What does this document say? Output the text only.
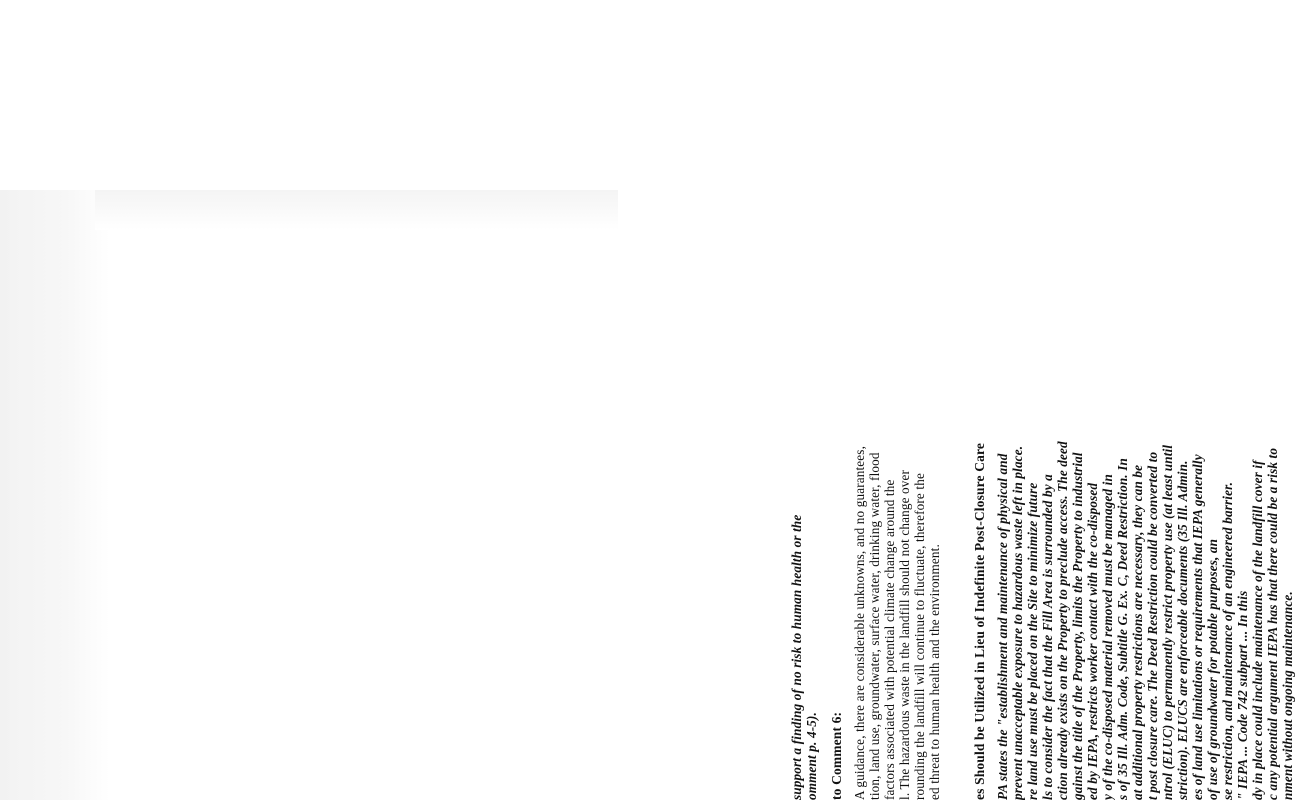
support a finding of no risk to human health or the omment p. 4-5). to Comment 6: A guidance, there are considerable unknowns, and no guarantees, tion, land use, groundwater, surface water, drinking water, flood factors associated with potential climate change around the l. The hazardous waste in the landfill should not change over rounding the landfill will continue to fluctuate, therefore the ed threat to human health and the environment. es Should be Utilized in Lieu of Indefinite Post-Closure Care PA states the "establishment and maintenance of physical and prevent unacceptable exposure to hazardous waste left in place. re land use must be placed on the Site to minimize future ls to consider the fact that the Fill Area is surrounded by a ction already exists on the Property to preclude access. The deed gainst the title of the Property, limits the Property to industrial ed by IEPA, restricts worker contact with the co-disposed y of the co-disposed material removed must be managed in s of 35 Ill. Adm. Code, Subtitle G. Ex. C, Deed Restriction. In at additional property restrictions are necessary, they can be t post closure care. The Deed Restriction could be converted to ntrol (ELUC) to permanently restrict property use (at least until striction). ELUCS are enforceable documents (35 Ill. Admin. es of land use limitations or requirements that IEPA generally of use of groundwater for potable purposes, an se restriction, and maintenance of an engineered barrier. " IEPA ... Code 742 subpart ... In this dy in place could include maintenance of the landfill cover if c any potential argument IEPA has that there could be a risk to nment without ongoing maintenance.
